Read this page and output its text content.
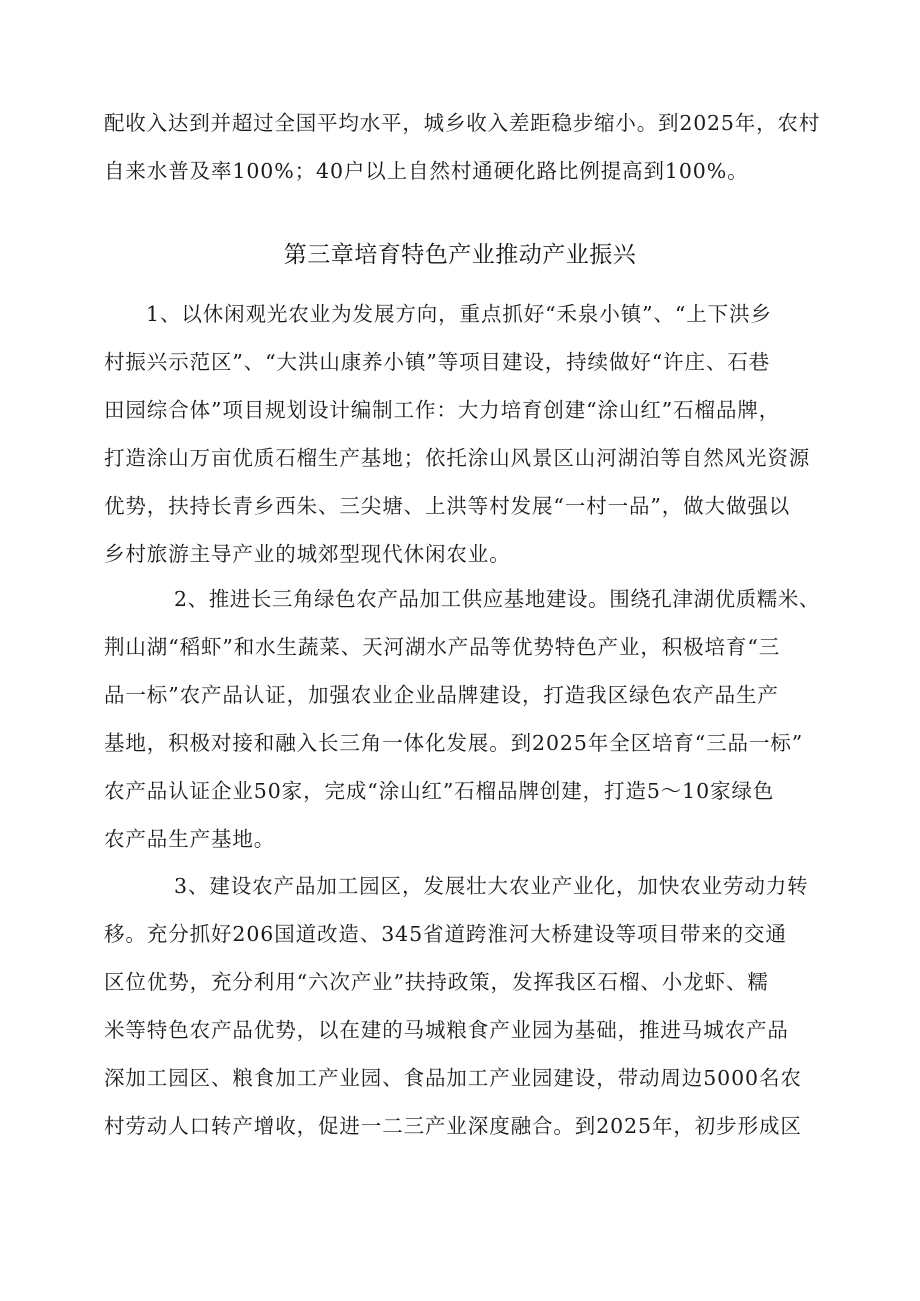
配收入达到并超过全国平均水平，城乡收入差距稳步缩小。到2025年，农村
自来水普及率100%；40户以上自然村通硬化路比例提高到100%。
第三章培育特色产业推动产业振兴
1、以休闲观光农业为发展方向，重点抓好“禾泉小镇”、“上下洪乡
村振兴示范区”、“大洪山康养小镇”等项目建设，持续做好“许庄、石巷
田园综合体”项目规划设计编制工作：大力培育创建“涂山红”石榴品牌，
打造涂山万亩优质石榴生产基地；依托涂山风景区山河湖泊等自然风光资源
优势，扶持长青乡西朱、三尖塘、上洪等村发展“一村一品”，做大做强以
乡村旅游主导产业的城郊型现代休闲农业。
2、推进长三角绿色农产品加工供应基地建设。围绕孔津湖优质糯米、
荆山湖“稻虾”和水生蔬菜、天河湖水产品等优势特色产业，积极培育“三
品一标”农产品认证，加强农业企业品牌建设，打造我区绿色农产品生产
基地，积极对接和融入长三角一体化发展。到2025年全区培育“三品一标”
农产品认证企业50家，完成“涂山红”石榴品牌创建，打造5～10家绿色
农产品生产基地。
3、建设农产品加工园区，发展壮大农业产业化，加快农业劳动力转
移。充分抓好206国道改造、345省道跨淮河大桥建设等项目带来的交通
区位优势，充分利用“六次产业”扶持政策，发挥我区石榴、小龙虾、糯
米等特色农产品优势，以在建的马城粮食产业园为基础，推进马城农产品
深加工园区、粮食加工产业园、食品加工产业园建设，带动周边5000名农
村劳动人口转产增收，促进一二三产业深度融合。到2025年，初步形成区
